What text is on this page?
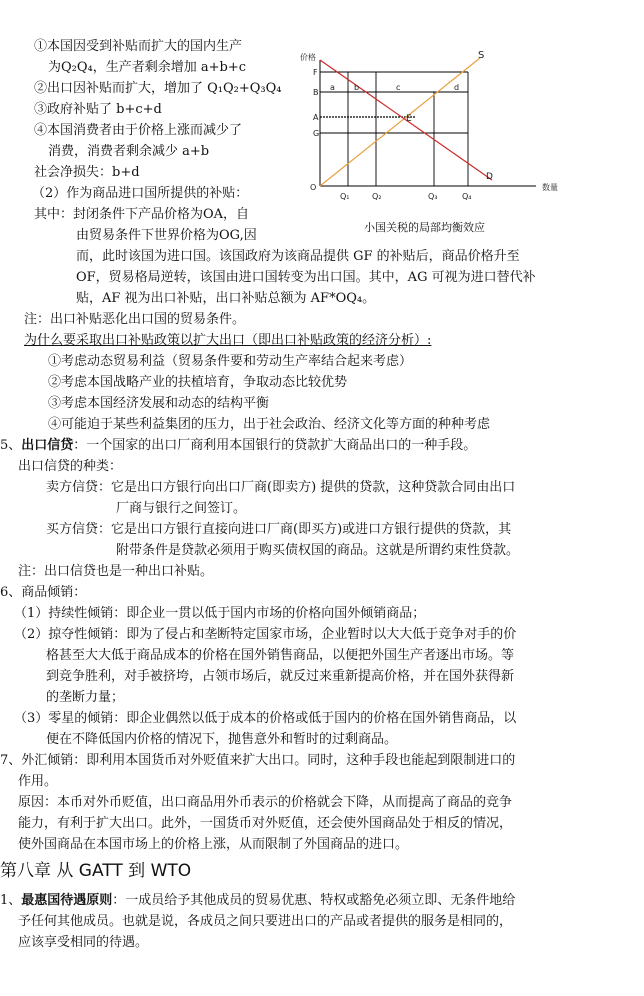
①本国因受到补贴而扩大的国内生产
为Q₂Q₄，生产者剩余增加 a+b+c
②出口因补贴而扩大，增加了 Q₁Q₂+Q₃Q₄
③政府补贴了 b+c+d
④本国消费者由于价格上涨而减少了
消费，消费者剩余减少 a+b
社会净损失：b+d
（2）作为商品进口国所提供的补贴：
其中：封闭条件下产品价格为OA，自
由贸易条件下世界价格为OG,因
而，此时该国为进口国。该国政府为该商品提供 GF 的补贴后，商品价格升至
OF，贸易格局逆转，该国由进口国转变为出口国。其中，AG 可视为进口替代补
贴，AF 视为出口补贴，出口补贴总额为 AF*OQ₄。
注：出口补贴恶化出口国的贸易条件。
价格
数量
O
S
D
E
F
B
A
G
a b	c	d
Q₁	Q₂	Q₃	Q₄
小国关税的局部均衡效应
为什么要采取出口补贴政策以扩大出口（即出口补贴政策的经济分析）:
①考虑动态贸易利益（贸易条件要和劳动生产率结合起来考虑）
②考虑本国战略产业的扶植培育，争取动态比较优势
③考虑本国经济发展和动态的结构平衡
④可能迫于某些利益集团的压力，出于社会政治、经济文化等方面的种种考虑
5、出口信贷：一个国家的出口厂商利用本国银行的贷款扩大商品出口的一种手段。
出口信贷的种类：
卖方信贷：它是出口方银行向出口厂商(即卖方) 提供的贷款，这种贷款合同由出口
厂商与银行之间签订。
买方信贷：它是出口方银行直接向进口厂商(即买方)或进口方银行提供的贷款，其
附带条件是贷款必须用于购买债权国的商品。这就是所谓约束性贷款。
注：出口信贷也是一种出口补贴。
6、商品倾销：
（1）持续性倾销：即企业一贯以低于国内市场的价格向国外倾销商品；
（2）掠夺性倾销：即为了侵占和垄断特定国家市场，企业暂时以大大低于竞争对手的价
格甚至大大低于商品成本的价格在国外销售商品，以便把外国生产者逐出市场。等
到竞争胜利，对手被挤垮，占领市场后，就反过来重新提高价格，并在国外获得新
的垄断力量；
（3）零星的倾销：即企业偶然以低于成本的价格或低于国内的价格在国外销售商品，以
便在不降低国内价格的情况下，抛售意外和暂时的过剩商品。
7、外汇倾销：即利用本国货币对外贬值来扩大出口。同时，这种手段也能起到限制进口的
作用。
原因：本币对外币贬值，出口商品用外币表示的价格就会下降，从而提高了商品的竞争
能力，有利于扩大出口。此外，一国货币对外贬值，还会使外国商品处于相反的情况，
使外国商品在本国市场上的价格上涨，从而限制了外国商品的进口。
第八章 从 GATT 到 WTO
1、最惠国待遇原则：一成员给予其他成员的贸易优惠、特权或豁免必须立即、无条件地给
予任何其他成员。也就是说，各成员之间只要进出口的产品或者提供的服务是相同的，
应该享受相同的待遇。
